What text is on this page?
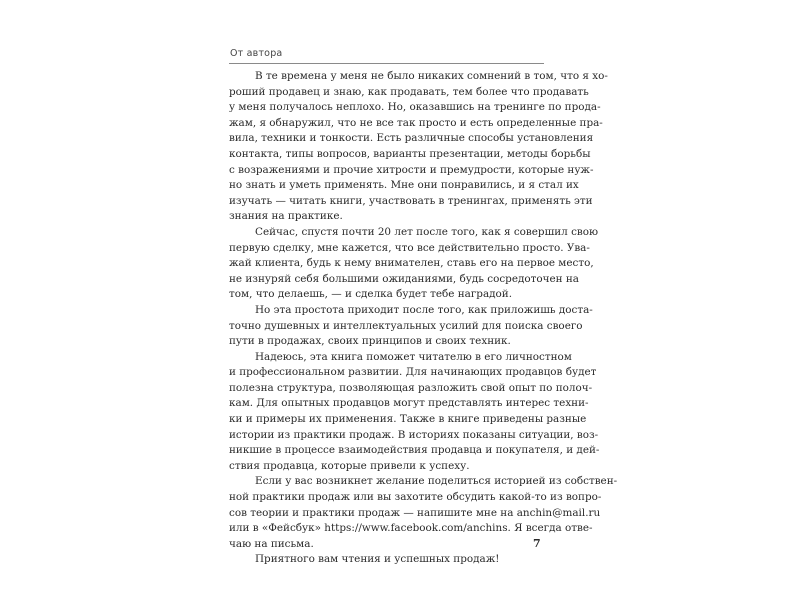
От автора
В те времена у меня не было никаких сомнений в том, что я хо-
роший продавец и знаю, как продавать, тем более что продавать
у меня получалось неплохо. Но, оказавшись на тренинге по прода-
жам, я обнаружил, что не все так просто и есть определенные пра-
вила, техники и тонкости. Есть различные способы установления
контакта, типы вопросов, варианты презентации, методы борьбы
с возражениями и прочие хитрости и премудрости, которые нуж-
но знать и уметь применять. Мне они понравились, и я стал их
изучать — читать книги, участвовать в тренингах, применять эти
знания на практике.
Сейчас, спустя почти 20 лет после того, как я совершил свою
первую сделку, мне кажется, что все действительно просто. Ува-
жай клиента, будь к нему внимателен, ставь его на первое место,
не изнуряй себя большими ожиданиями, будь сосредоточен на
том, что делаешь, — и сделка будет тебе наградой.
Но эта простота приходит после того, как приложишь доста-
точно душевных и интеллектуальных усилий для поиска своего
пути в продажах, своих принципов и своих техник.
Надеюсь, эта книга поможет читателю в его личностном
и профессиональном развитии. Для начинающих продавцов будет
полезна структура, позволяющая разложить свой опыт по полоч-
кам. Для опытных продавцов могут представлять интерес техни-
ки и примеры их применения. Также в книге приведены разные
истории из практики продаж. В историях показаны ситуации, воз-
никшие в процессе взаимодействия продавца и покупателя, и дей-
ствия продавца, которые привели к успеху.
Если у вас возникнет желание поделиться историей из собствен-
ной практики продаж или вы захотите обсудить какой-то из вопро-
сов теории и практики продаж — напишите мне на anchin@mail.ru
или в «Фейсбук» https://www.facebook.com/anchins. Я всегда отве-
чаю на письма.
Приятного вам чтения и успешных продаж!
7
